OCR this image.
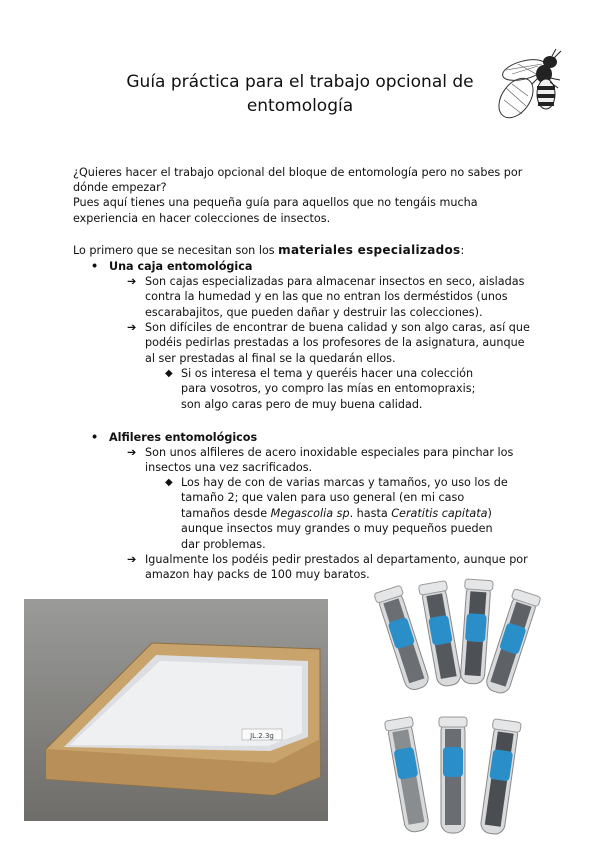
Guía práctica para el trabajo opcional de entomología

¿Quieres hacer el trabajo opcional del bloque de entomología pero no sabes por dónde empezar?

Pues aquí tienes una pequeña guía para aquellos que no tengáis mucha experiencia en hacer colecciones de insectos.

Lo primero que se necesitan son los materiales especializados:
• Una caja entomológica
➔ Son cajas especializadas para almacenar insectos en seco, aisladas contra la humedad y en las que no entran los derméstidos (unos escarabajitos, que pueden dañar y destruir las colecciones).
➔ Son difíciles de encontrar de buena calidad y son algo caras, así que podéis pedirlas prestadas a los profesores de la asignatura, aunque al ser prestadas al final se la quedarán ellos.
◆ Si os interesa el tema y queréis hacer una colección para vosotros, yo compro las mías en entomopraxis; son algo caras pero de muy buena calidad.
• Alfileres entomológicos
➔ Son unos alfileres de acero inoxidable especiales para pinchar los insectos una vez sacrificados.
◆ Los hay de con de varias marcas y tamaños, yo uso los de tamaño 2; que valen para uso general (en mi caso tamaños desde Megascolia sp. hasta Ceratitis capitata) aunque insectos muy grandes o muy pequeños pueden dar problemas.
➔ Igualmente los podéis pedir prestados al departamento, aunque por amazon hay packs de 100 muy baratos.
JL.2.3g
